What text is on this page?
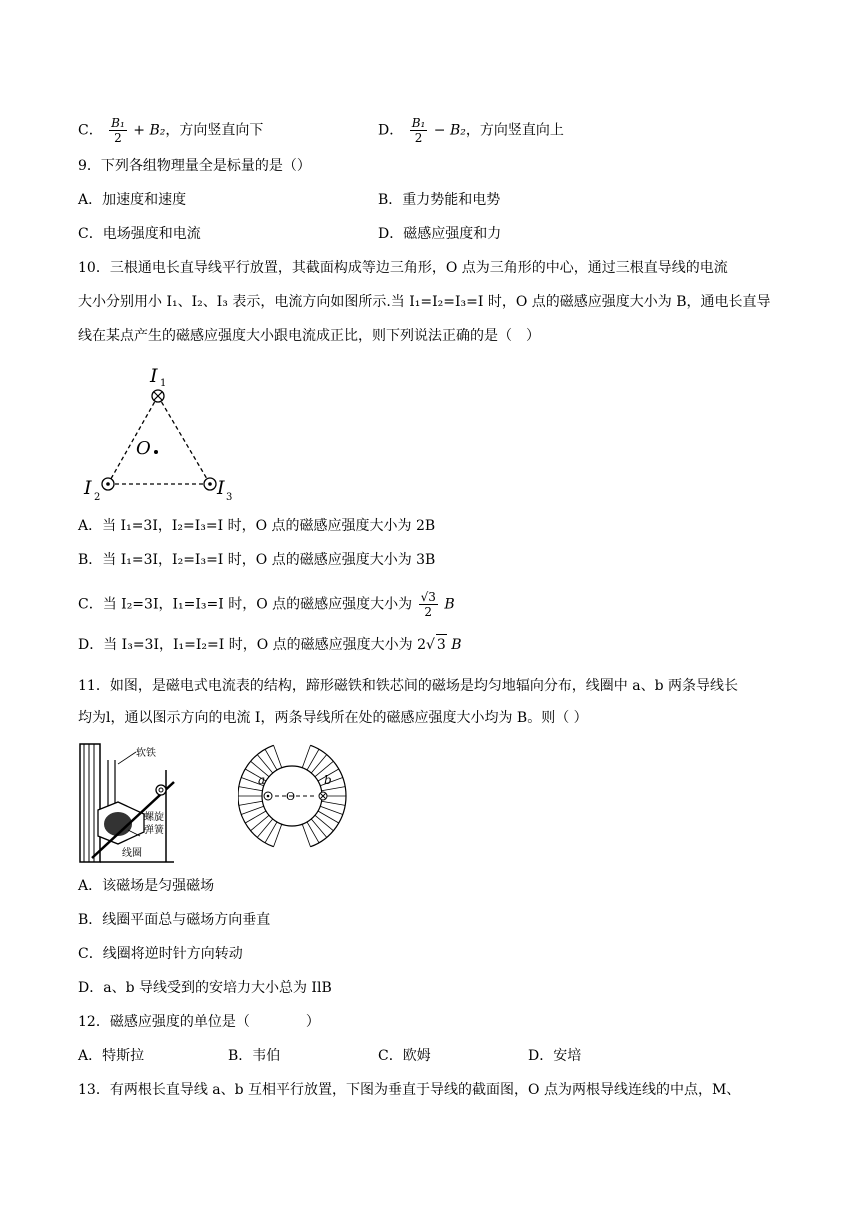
C． $\frac{\text{B₁}}{2} + B_2$，方向竖直向下	D． $\frac{\text{B₁}}{2} - B_2$，方向竖直向上
9．下列各组物理量全是标量的是（）
A．加速度和速度	B．重力势能和电势
C．电场强度和电流	D．磁感应强度和力
10．三根通电长直导线平行放置，其截面构成等边三角形，O 点为三角形的中心，通过三根直导线的电流
大小分别用小 I₁、I₂、I₃ 表示，电流方向如图所示.当 I₁=I₂=I₃=I 时，O 点的磁感应强度大小为 B，通电长直导
线在某点产生的磁感应强度大小跟电流成正比，则下列说法正确的是（　）
I 1
I 2	I 3
O
A．当 I₁=3I，I₂=I₃=I 时，O 点的磁感应强度大小为 2B
B．当 I₁=3I，I₂=I₃=I 时，O 点的磁感应强度大小为 3B
C．当 I₂=3I，I₁=I₃=I 时，O 点的磁感应强度大小为 $\frac{√3}{2}$ B
D．当 I₃=3I，I₁=I₂=I 时，O 点的磁感应强度大小为 2√ 3 B
11．如图，是磁电式电流表的结构，蹄形磁铁和铁芯间的磁场是均匀地辐向分布，线圈中 a、b 两条导线长
均为l，通以图示方向的电流 I，两条导线所在处的磁感应强度大小均为 B。则（ ）
软铁
螺旋
弹簧
线圈
O
a	b
A．该磁场是匀强磁场
B．线圈平面总与磁场方向垂直
C．线圈将逆时针方向转动
D．a、b 导线受到的安培力大小总为 IlB
12．磁感应强度的单位是（　　　　）
A．特斯拉	B．韦伯	C．欧姆	D．安培
13．有两根长直导线 a、b 互相平行放置，下图为垂直于导线的截面图，O 点为两根导线连线的中点，M、
